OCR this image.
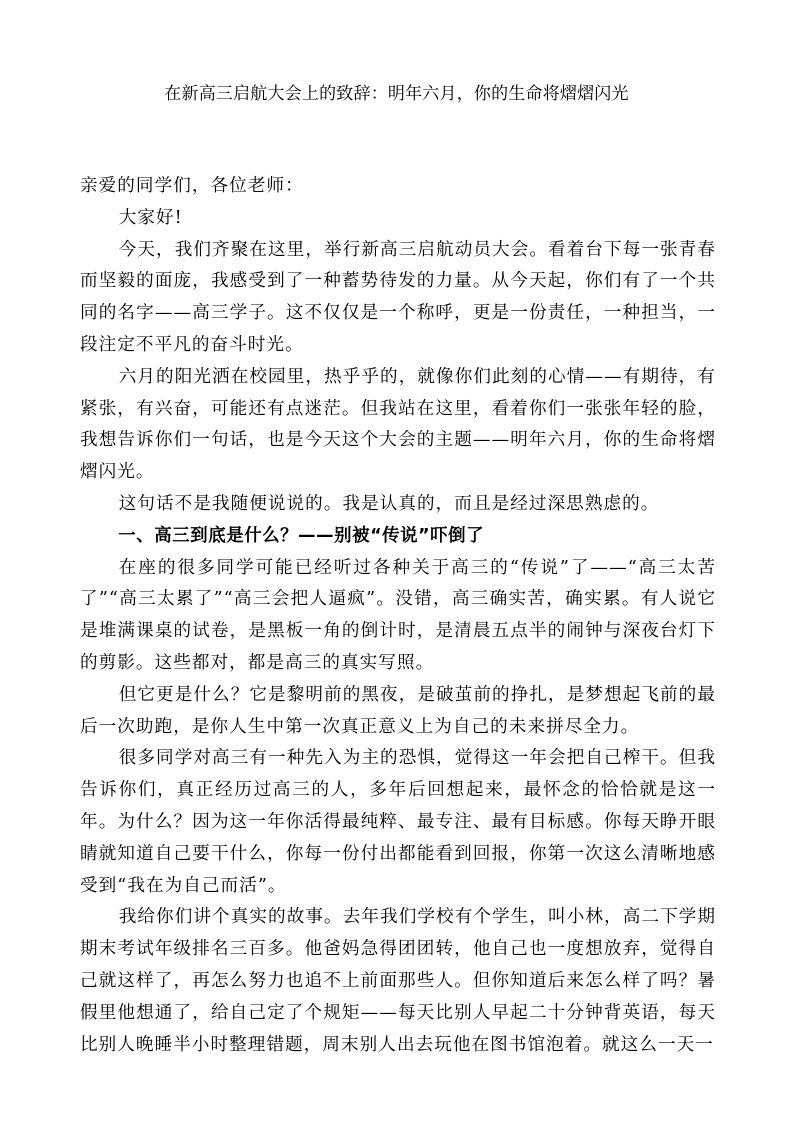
在新高三启航大会上的致辞：明年六月，你的生命将熠熠闪光

亲爱的同学们，各位老师：

大家好!

今天，我们齐聚在这里，举行新高三启航动员大会。看着台下每一张青春而坚毅的面庞，我感受到了一种蓄势待发的力量。从今天起，你们有了一个共同的名字——高三学子。这不仅仅是一个称呼，更是一份责任，一种担当，一段注定不平凡的奋斗时光。

六月的阳光洒在校园里，热乎乎的，就像你们此刻的心情——有期待，有紧张，有兴奋，可能还有点迷茫。但我站在这里，看着你们一张张年轻的脸，我想告诉你们一句话，也是今天这个大会的主题——明年六月，你的生命将熠熠闪光。

这句话不是我随便说说的。我是认真的，而且是经过深思熟虑的。

一、高三到底是什么？——别被“传说”吓倒了

在座的很多同学可能已经听过各种关于高三的“传说”了——“高三太苦了”“高三太累了”“高三会把人逼疯”。没错，高三确实苦，确实累。有人说它是堆满课桌的试卷，是黑板一角的倒计时，是清晨五点半的闹钟与深夜台灯下的剪影。这些都对，都是高三的真实写照。

但它更是什么？它是黎明前的黑夜，是破茧前的挣扎，是梦想起飞前的最后一次助跑，是你人生中第一次真正意义上为自己的未来拼尽全力。

很多同学对高三有一种先入为主的恐惧，觉得这一年会把自己榨干。但我告诉你们，真正经历过高三的人，多年后回想起来，最怀念的恰恰就是这一年。为什么？因为这一年你活得最纯粹、最专注、最有目标感。你每天睁开眼睛就知道自己要干什么，你每一份付出都能看到回报，你第一次这么清晰地感受到“我在为自己而活”。

我给你们讲个真实的故事。去年我们学校有个学生，叫小林，高二下学期期末考试年级排名三百多。他爸妈急得团团转，他自己也一度想放弃，觉得自己就这样了，再怎么努力也追不上前面那些人。但你知道后来怎么样了吗？暑假里他想通了，给自己定了个规矩——每天比别人早起二十分钟背英语，每天比别人晚睡半小时整理错题，周末别人出去玩他在图书馆泡着。就这么一天一
